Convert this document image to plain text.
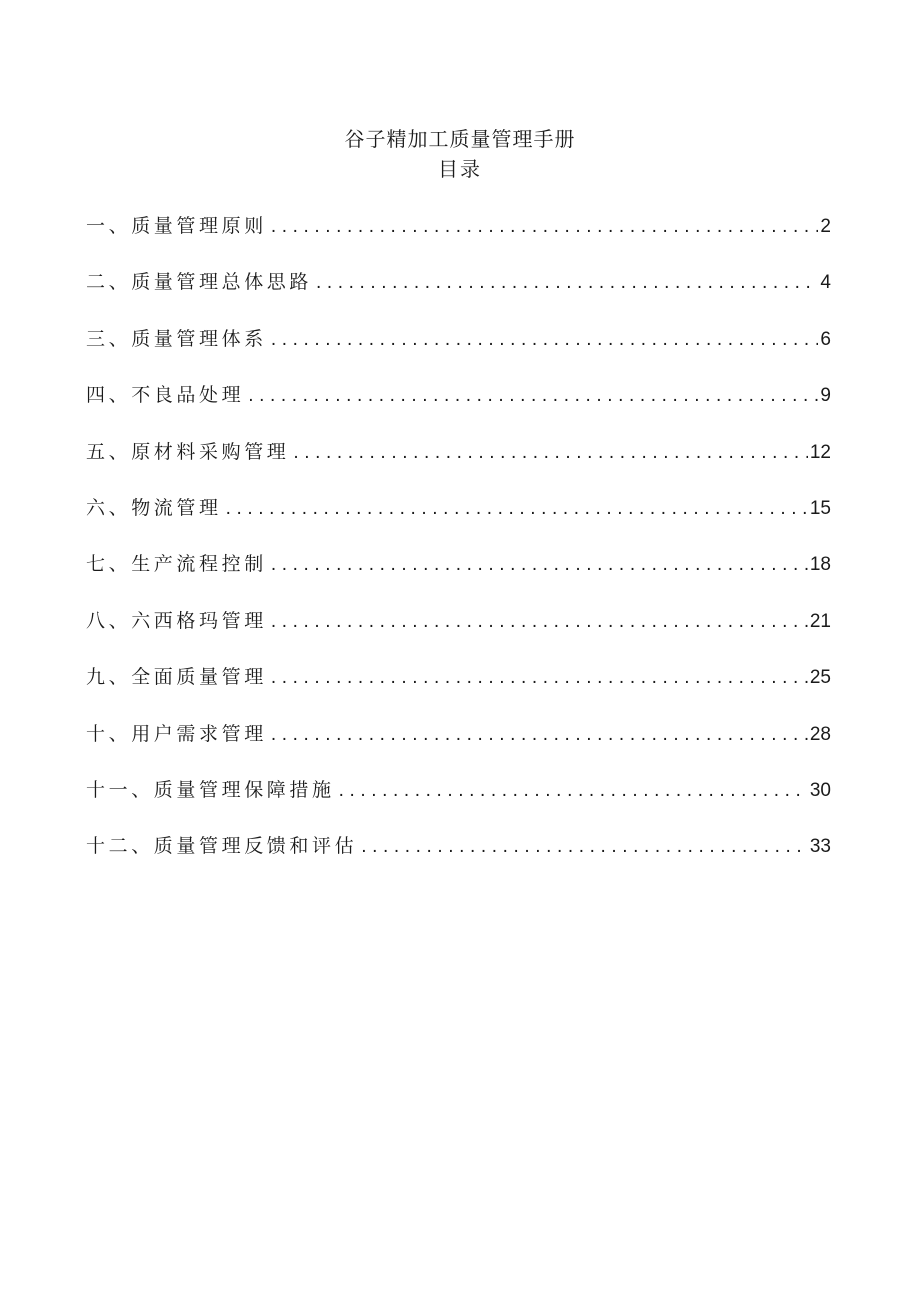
谷子精加工质量管理手册
目录
一、质量管理原则 .....	2
二、质量管理总体思路 .....	4
三、质量管理体系 .....	6
四、不良品处理 .....	9
五、原材料采购管理 .....	12
六、物流管理 .....	15
七、生产流程控制 .....	18
八、六西格玛管理 .....	21
九、全面质量管理 .....	25
十、用户需求管理 .....	28
十一、质量管理保障措施 .....	30
十二、质量管理反馈和评估 .....	33
